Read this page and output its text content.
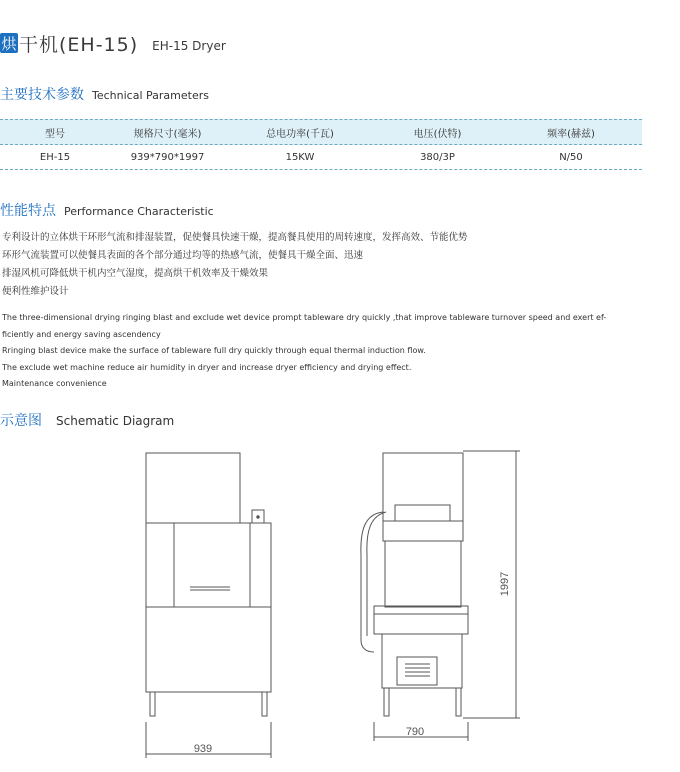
烘 干机(EH-15) EH-15 Dryer
主要技术参数 Technical Parameters
型号	规格尺寸(毫米)	总电功率(千瓦)	电压(伏特)	频率(赫兹)
EH-15	939*790*1997	15KW	380/3P	N/50
性能特点 Performance Characteristic
专利设计的立体烘干环形气流和排湿装置，促使餐具快速干燥，提高餐具使用的周转速度，发挥高效、节能优势
环形气流装置可以使餐具表面的各个部分通过均等的热感气流，使餐具干燥全面、迅速
排湿风机可降低烘干机内空气湿度，提高烘干机效率及干燥效果
便利性维护设计
The three-dimensional drying ringing blast and exclude wet device prompt tableware dry quickly ,that improve tableware turnover speed and exert ef-
ficiently and energy saving ascendency
Rringing blast device make the surface of tableware full dry quickly through equal thermal induction flow.
The exclude wet machine reduce air humidity in dryer and increase dryer efficiency and drying effect.
Maintenance convenience
示意图 Schematic Diagram
939
790
1997
